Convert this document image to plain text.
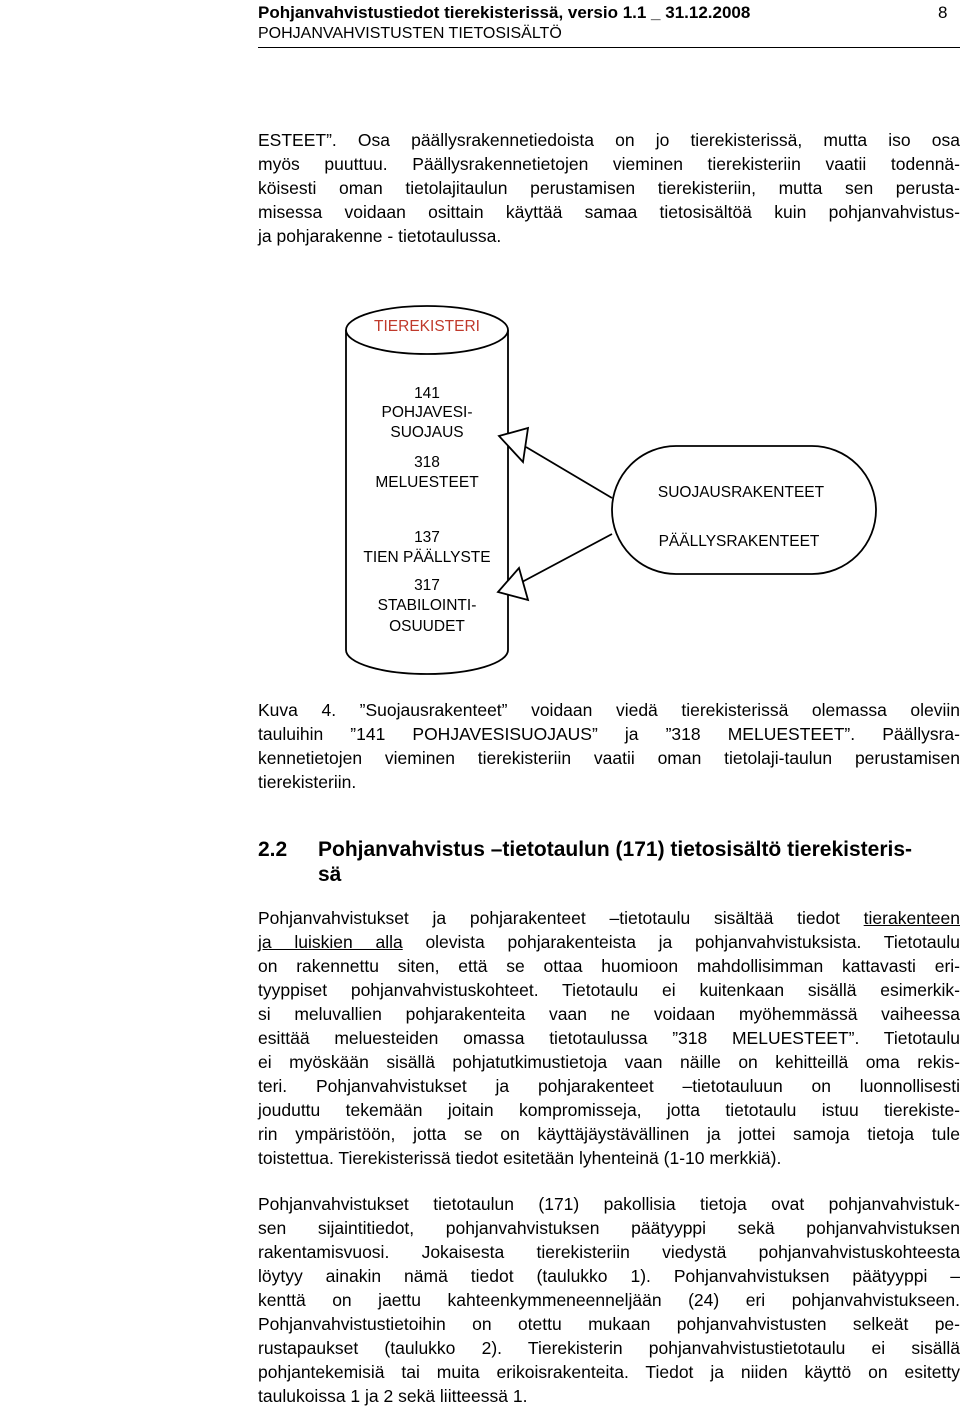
Pohjanvahvistustiedot tierekisterissä, versio 1.1 _ 31.12.2008
POHJANVAHVISTUSTEN TIETOSISÄLTÖ
8
ESTEET”. Osa päällysrakennetiedoista on jo tierekisterissä, mutta iso osa
myös puuttuu. Päällysrakennetietojen vieminen tierekisteriin vaatii todennä-
köisesti oman tietolajitaulun perustamisen tierekisteriin, mutta sen perusta-
misessa voidaan osittain käyttää samaa tietosisältöä kuin pohjanvahvistus-
ja pohjarakenne - tietotaulussa.
TIEREKISTERI
141
POHJAVESI-
SUOJAUS
318
MELUESTEET
137
TIEN PÄÄLLYSTE
317
STABILOINTI-
OSUUDET
SUOJAUSRAKENTEET
PÄÄLLYSRAKENTEET
Kuva 4. ”Suojausrakenteet” voidaan viedä tierekisterissä olemassa oleviin
tauluihin ”141 POHJAVESISUOJAUS” ja ”318 MELUESTEET”. Päällysra-
kennetietojen vieminen tierekisteriin vaatii oman tietolaji-taulun perustamisen
tierekisteriin.
2.2 Pohjanvahvistus –tietotaulun (171) tietosisältö tierekisteris-
sä
Pohjanvahvistukset ja pohjarakenteet –tietotaulu sisältää tiedot tierakenteen
ja luiskien alla olevista pohjarakenteista ja pohjanvahvistuksista. Tietotaulu
on rakennettu siten, että se ottaa huomioon mahdollisimman kattavasti eri-
tyyppiset pohjanvahvistuskohteet. Tietotaulu ei kuitenkaan sisällä esimerkik-
si meluvallien pohjarakenteita vaan ne voidaan myöhemmässä vaiheessa
esittää meluesteiden omassa tietotaulussa ”318 MELUESTEET”. Tietotaulu
ei myöskään sisällä pohjatutkimustietoja vaan näille on kehitteillä oma rekis-
teri. Pohjanvahvistukset ja pohjarakenteet –tietotauluun on luonnollisesti
jouduttu tekemään joitain kompromisseja, jotta tietotaulu istuu tierekiste-
rin ympäristöön, jotta se on käyttäjäystävällinen ja jottei samoja tietoja tule
toistettua. Tierekisterissä tiedot esitetään lyhenteinä (1-10 merkkiä).
Pohjanvahvistukset tietotaulun (171) pakollisia tietoja ovat pohjanvahvistuk-
sen sijaintitiedot, pohjanvahvistuksen päätyyppi sekä pohjanvahvistuksen
rakentamisvuosi. Jokaisesta tierekisteriin viedystä pohjanvahvistuskohteesta
löytyy ainakin nämä tiedot (taulukko 1). Pohjanvahvistuksen päätyyppi –
kenttä on jaettu kahteenkymmeneenneljään (24) eri pohjanvahvistukseen.
Pohjanvahvistustietoihin on otettu mukaan pohjanvahvistusten selkeät pe-
rustapaukset (taulukko 2). Tierekisterin pohjanvahvistustietotaulu ei sisällä
pohjantekemisiä tai muita erikoisrakenteita. Tiedot ja niiden käyttö on esitetty
taulukoissa 1 ja 2 sekä liitteessä 1.
